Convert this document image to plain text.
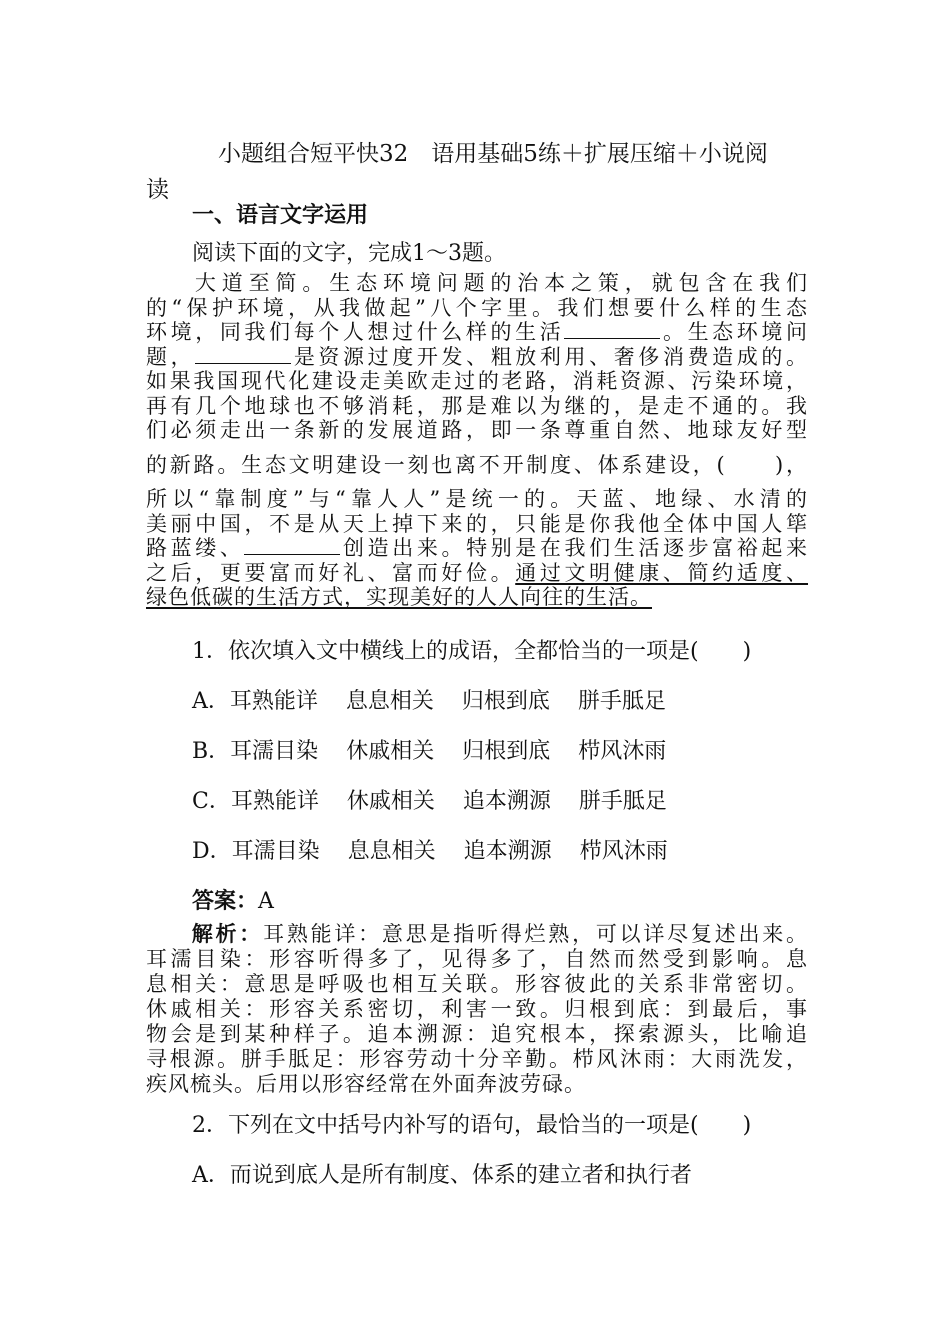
小题组合短平快32　语用基础5练＋扩展压缩＋小说阅
读
一、语言文字运用
阅读下面的文字，完成1～3题。
大道至简。生态环境问题的治本之策，就包含在我们
的“保护环境，从我做起”八个字里。我们想要什么样的生态
环境，同我们每个人想过什么样的生活	。生态环境问
题，	是资源过度开发、粗放利用、奢侈消费造成的。
如果我国现代化建设走美欧走过的老路，消耗资源、污染环境，
再有几个地球也不够消耗，那是难以为继的，是走不通的。我
们必须走出一条新的发展道路，即一条尊重自然、地球友好型
的新路。生态文明建设一刻也离不开制度、体系建设，(　　)，
所以“靠制度”与“靠人人”是统一的。天蓝、地绿、水清的
美丽中国，不是从天上掉下来的，只能是你我他全体中国人筚
路蓝缕、	创造出来。特别是在我们生活逐步富裕起来
之后，更要富而好礼、富而好俭。通过文明健康、简约适度、
绿色低碳的生活方式，实现美好的人人向往的生活。
1．依次填入文中横线上的成语，全都恰当的一项是(　　)
A．耳熟能详 息息相关 归根到底 胼手胝足
B．耳濡目染 休戚相关 归根到底 栉风沐雨
C．耳熟能详 休戚相关 追本溯源 胼手胝足
D．耳濡目染 息息相关 追本溯源 栉风沐雨
答案：A
解析：耳熟能详：意思是指听得烂熟，可以详尽复述出来。
耳濡目染：形容听得多了，见得多了，自然而然受到影响。息
息相关：意思是呼吸也相互关联。形容彼此的关系非常密切。
休戚相关：形容关系密切，利害一致。归根到底：到最后，事
物会是到某种样子。追本溯源：追究根本，探索源头，比喻追
寻根源。胼手胝足：形容劳动十分辛勤。栉风沐雨：大雨洗发，
疾风梳头。后用以形容经常在外面奔波劳碌。
2．下列在文中括号内补写的语句，最恰当的一项是(　　)
A．而说到底人是所有制度、体系的建立者和执行者
